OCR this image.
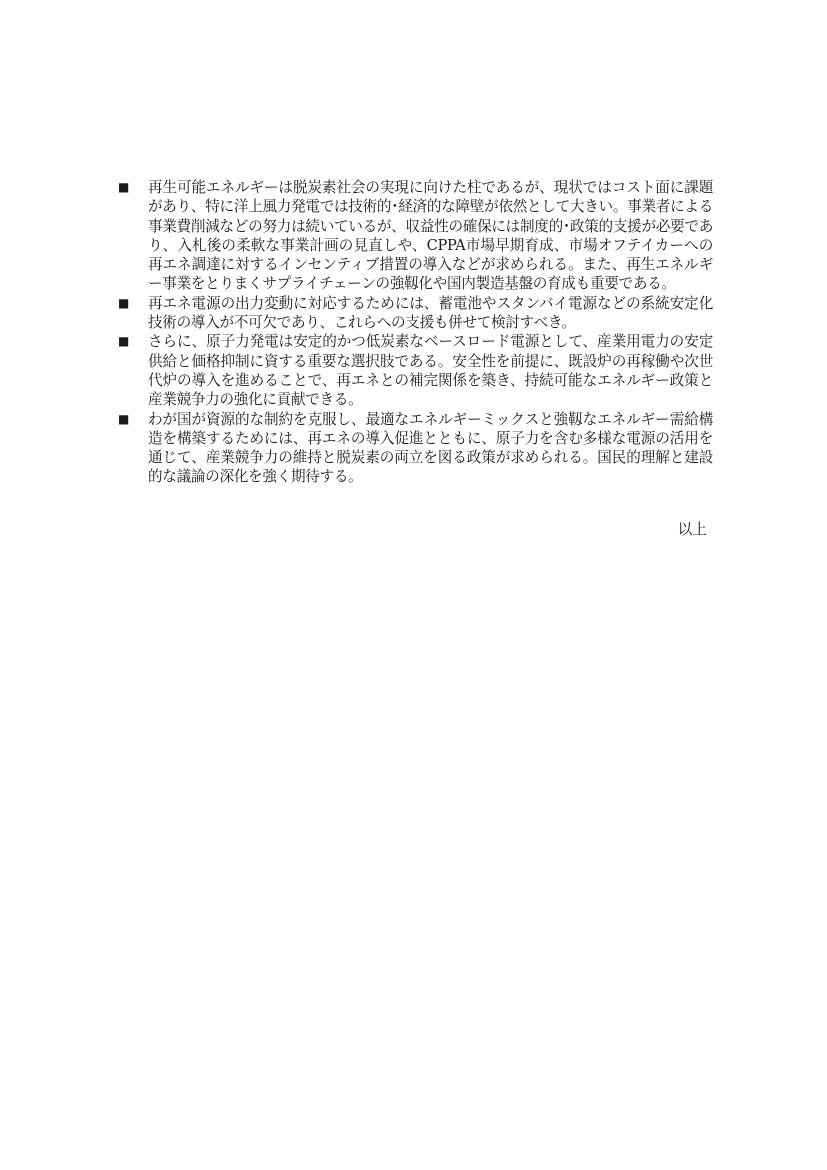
■ 再生可能エネルギーは脱炭素社会の実現に向けた柱であるが、現状ではコスト面に課題があり、特に洋上風力発電では技術的･経済的な障壁が依然として大きい。事業者による事業費削減などの努力は続いているが、収益性の確保には制度的･政策的支援が必要であり、入札後の柔軟な事業計画の見直しや、CPPA市場早期育成、市場オフテイカーへの再エネ調達に対するインセンティブ措置の導入などが求められる。また、再生エネルギー事業をとりまくサプライチェーンの強靱化や国内製造基盤の育成も重要である。
■ 再エネ電源の出力変動に対応するためには、蓄電池やスタンバイ電源などの系統安定化技術の導入が不可欠であり、これらへの支援も併せて検討すべき。
■ さらに、原子力発電は安定的かつ低炭素なベースロード電源として、産業用電力の安定供給と価格抑制に資する重要な選択肢である。安全性を前提に、既設炉の再稼働や次世代炉の導入を進めることで、再エネとの補完関係を築き、持続可能なエネルギー政策と産業競争力の強化に貢献できる。
■ わが国が資源的な制約を克服し、最適なエネルギーミックスと強靱なエネルギー需給構造を構築するためには、再エネの導入促進とともに、原子力を含む多様な電源の活用を通じて、産業競争力の維持と脱炭素の両立を図る政策が求められる。国民的理解と建設的な議論の深化を強く期待する。
以上
